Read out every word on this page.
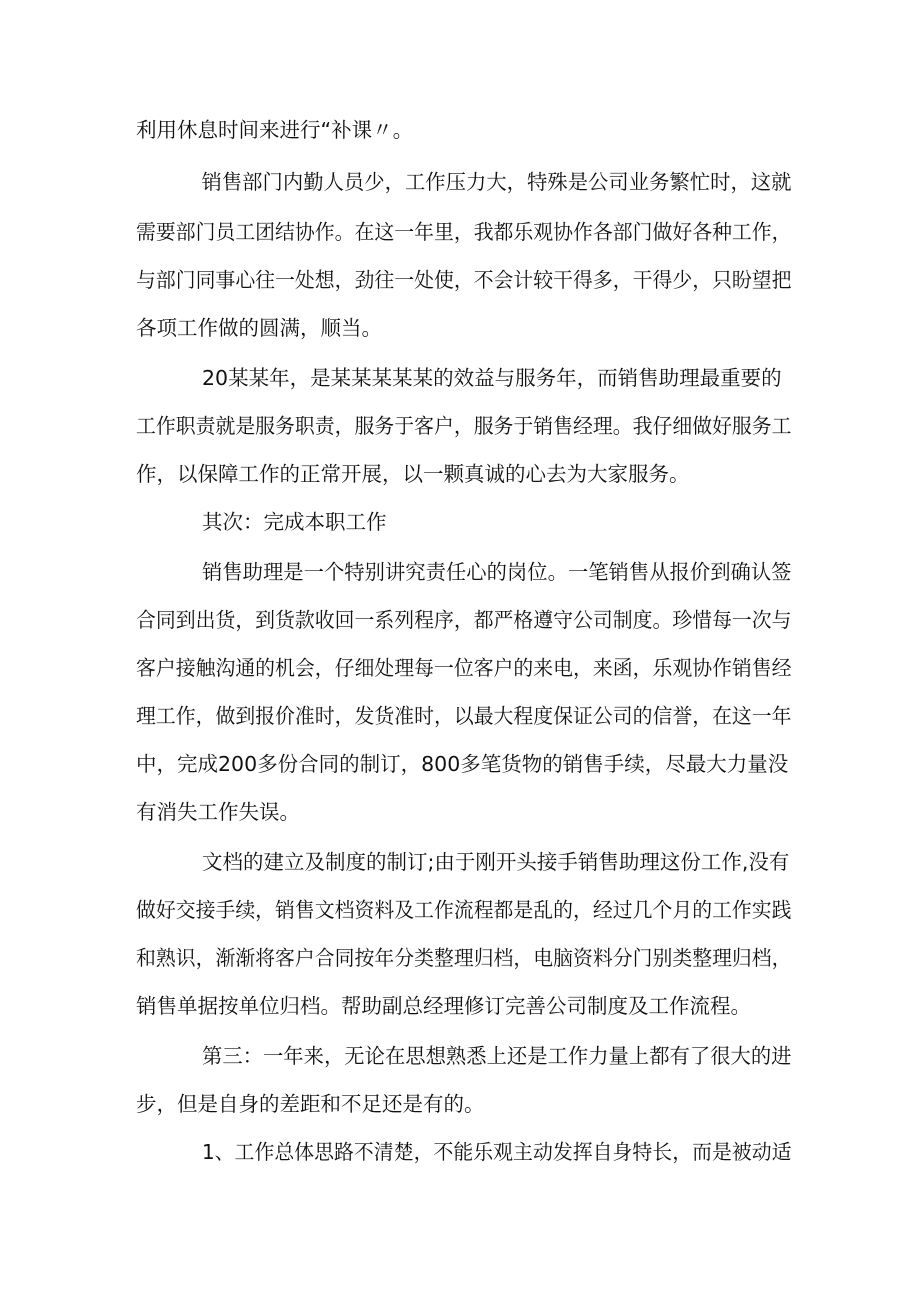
利用休息时间来进行“补课〃。
销售部门内勤人员少，工作压力大，特殊是公司业务繁忙时，这就
需要部门员工团结协作。在这一年里，我都乐观协作各部门做好各种工作，
与部门同事心往一处想，劲往一处使，不会计较干得多，干得少，只盼望把
各项工作做的圆满，顺当。
20某某年，是某某某某某的效益与服务年，而销售助理最重要的
工作职责就是服务职责，服务于客户，服务于销售经理。我仔细做好服务工
作，以保障工作的正常开展，以一颗真诚的心去为大家服务。
其次：完成本职工作
销售助理是一个特别讲究责任心的岗位。一笔销售从报价到确认签
合同到出货，到货款收回一系列程序，都严格遵守公司制度。珍惜每一次与
客户接触沟通的机会，仔细处理每一位客户的来电，来函，乐观协作销售经
理工作，做到报价准时，发货准时，以最大程度保证公司的信誉，在这一年
中，完成200多份合同的制订，800多笔货物的销售手续，尽最大力量没
有消失工作失误。
文档的建立及制度的制订;由于刚开头接手销售助理这份工作,没有
做好交接手续，销售文档资料及工作流程都是乱的，经过几个月的工作实践
和熟识，渐渐将客户合同按年分类整理归档，电脑资料分门别类整理归档，
销售单据按单位归档。帮助副总经理修订完善公司制度及工作流程。
第三：一年来，无论在思想熟悉上还是工作力量上都有了很大的进
步，但是自身的差距和不足还是有的。
1、工作总体思路不清楚，不能乐观主动发挥自身特长，而是被动适
